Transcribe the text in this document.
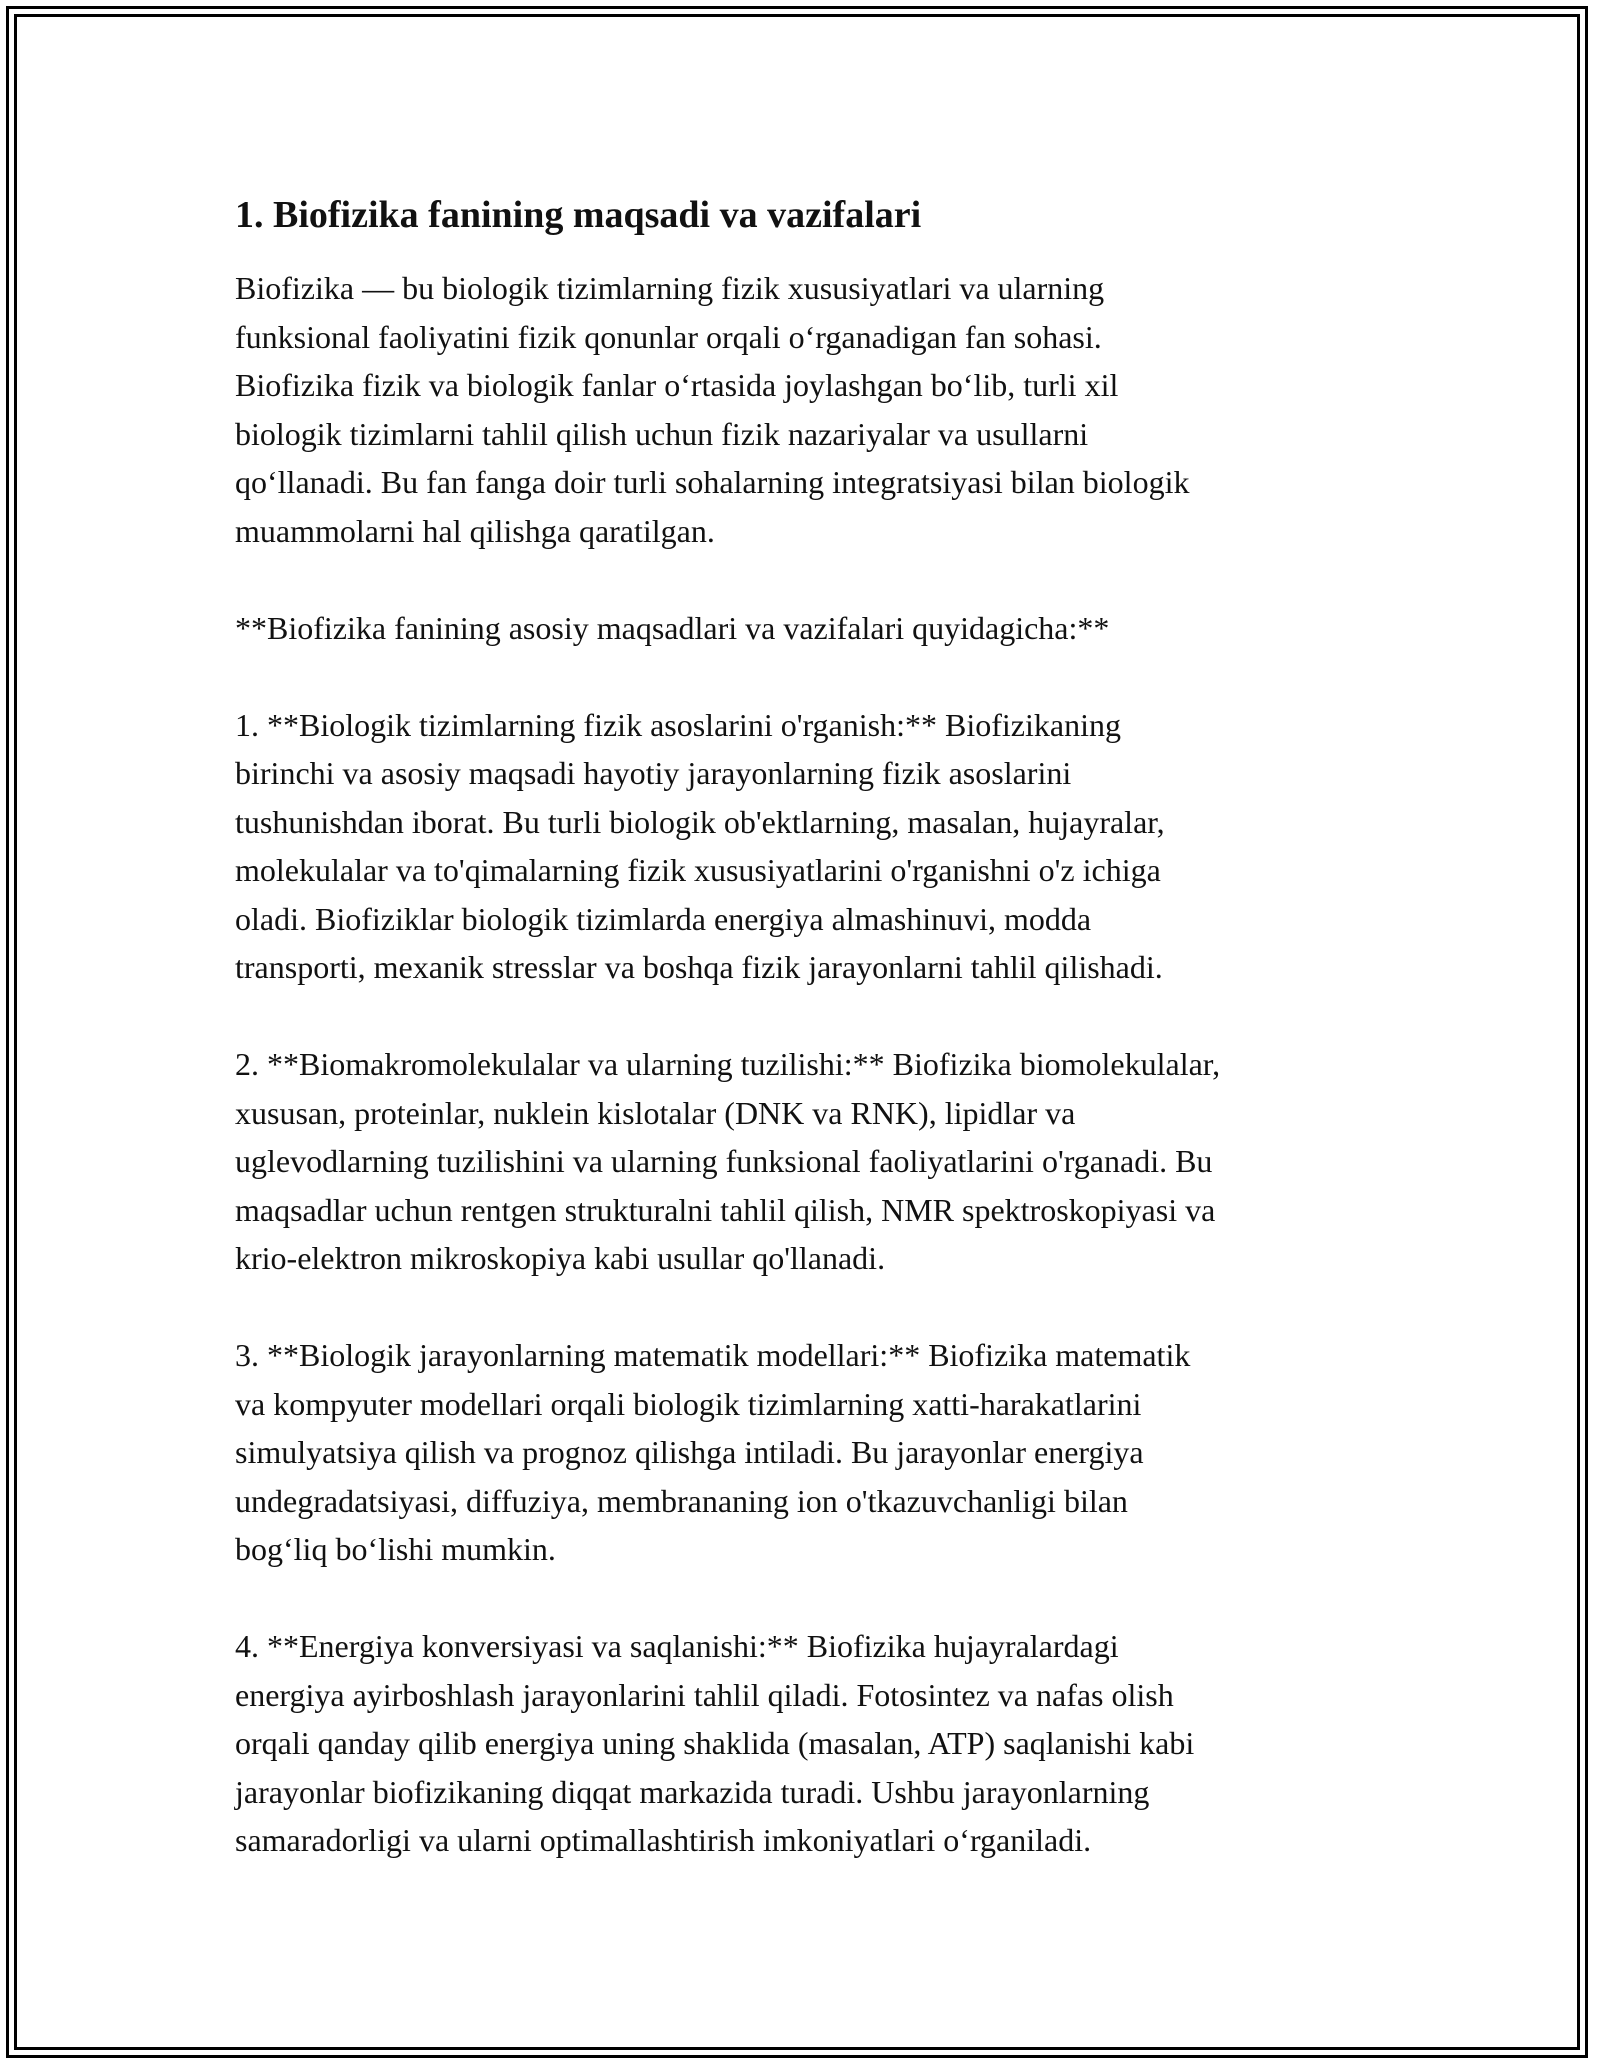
1. Biofizika fanining maqsadi va vazifalari

Biofizika — bu biologik tizimlarning fizik xususiyatlari va ularning
funksional faoliyatini fizik qonunlar orqali o‘rganadigan fan sohasi.
Biofizika fizik va biologik fanlar o‘rtasida joylashgan bo‘lib, turli xil
biologik tizimlarni tahlil qilish uchun fizik nazariyalar va usullarni
qo‘llanadi. Bu fan fanga doir turli sohalarning integratsiyasi bilan biologik
muammolarni hal qilishga qaratilgan.

**Biofizika fanining asosiy maqsadlari va vazifalari quyidagicha:**

1. **Biologik tizimlarning fizik asoslarini o'rganish:** Biofizikaning
birinchi va asosiy maqsadi hayotiy jarayonlarning fizik asoslarini
tushunishdan iborat. Bu turli biologik ob'ektlarning, masalan, hujayralar,
molekulalar va to'qimalarning fizik xususiyatlarini o'rganishni o'z ichiga
oladi. Biofiziklar biologik tizimlarda energiya almashinuvi, modda
transporti, mexanik stresslar va boshqa fizik jarayonlarni tahlil qilishadi.

2. **Biomakromolekulalar va ularning tuzilishi:** Biofizika biomolekulalar,
xususan, proteinlar, nuklein kislotalar (DNK va RNK), lipidlar va
uglevodlarning tuzilishini va ularning funksional faoliyatlarini o'rganadi. Bu
maqsadlar uchun rentgen strukturalni tahlil qilish, NMR spektroskopiyasi va
krio-elektron mikroskopiya kabi usullar qo'llanadi.

3. **Biologik jarayonlarning matematik modellari:** Biofizika matematik
va kompyuter modellari orqali biologik tizimlarning xatti-harakatlarini
simulyatsiya qilish va prognoz qilishga intiladi. Bu jarayonlar energiya
undegradatsiyasi, diffuziya, membrananing ion o'tkazuvchanligi bilan
bog‘liq bo‘lishi mumkin.

4. **Energiya konversiyasi va saqlanishi:** Biofizika hujayralardagi
energiya ayirboshlash jarayonlarini tahlil qiladi. Fotosintez va nafas olish
orqali qanday qilib energiya uning shaklida (masalan, ATP) saqlanishi kabi
jarayonlar biofizikaning diqqat markazida turadi. Ushbu jarayonlarning
samaradorligi va ularni optimallashtirish imkoniyatlari o‘rganiladi.
